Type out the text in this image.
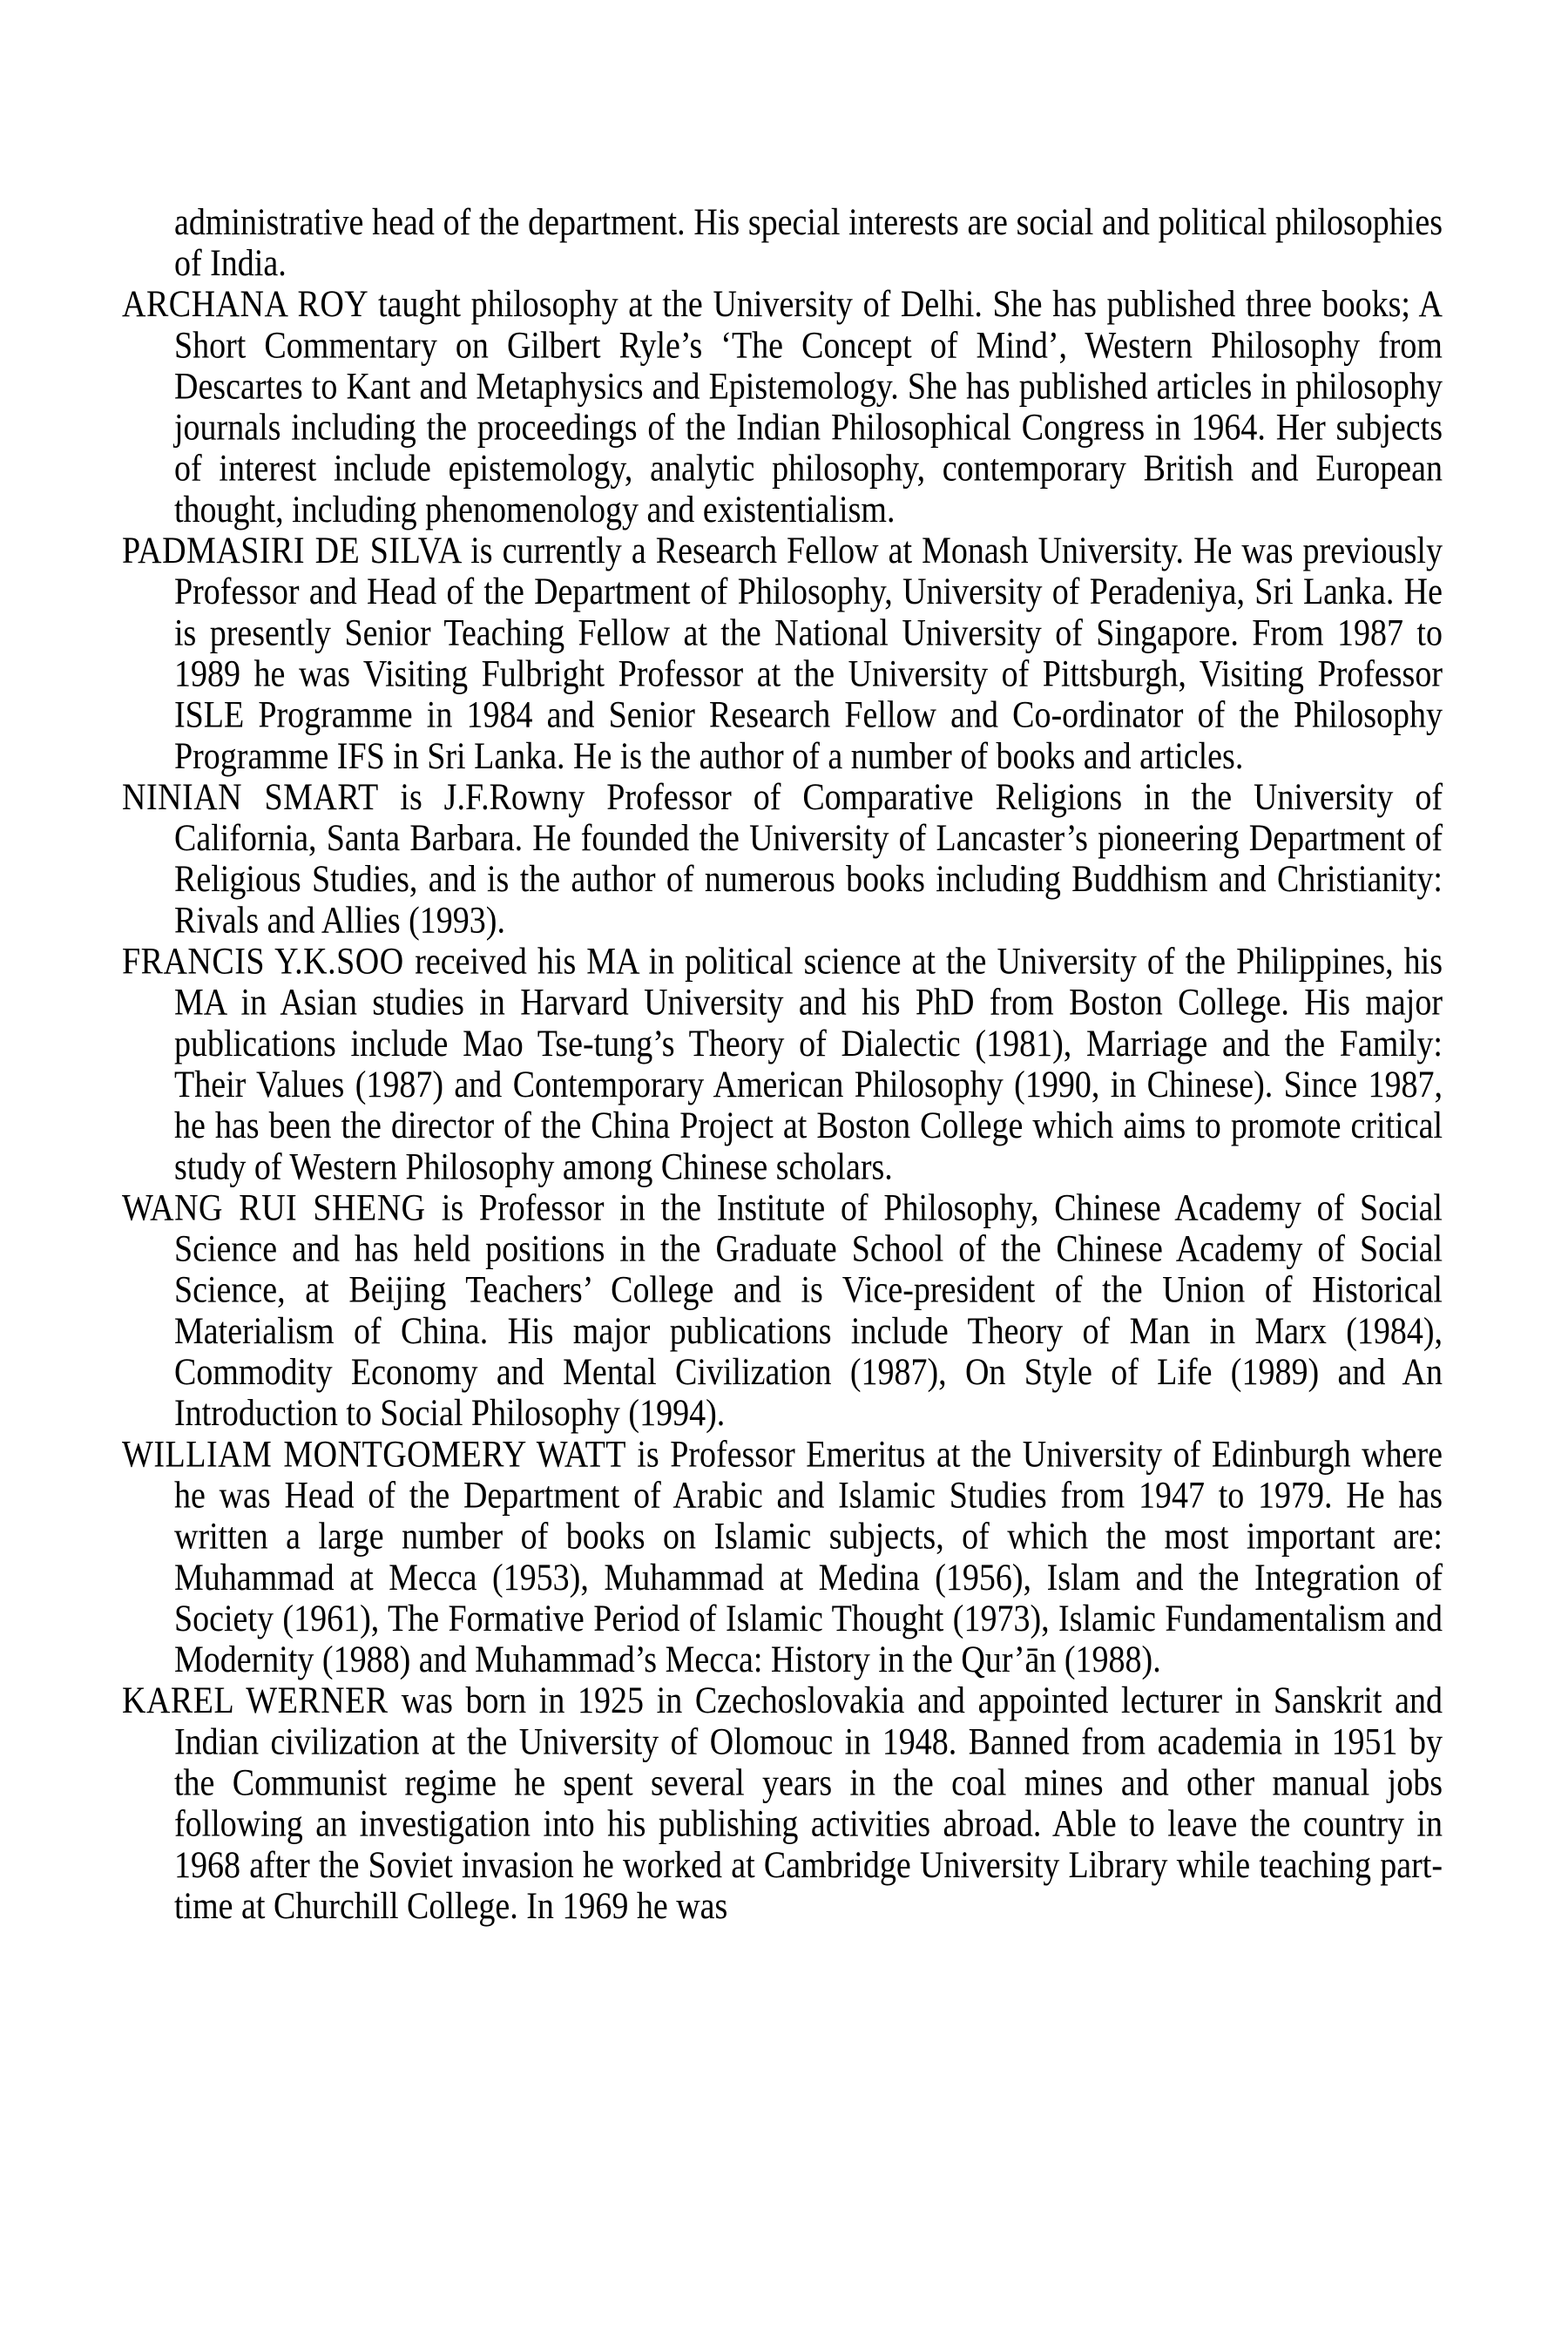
administrative head of the department. His special interests are social and political philosophies of India.

ARCHANA ROY taught philosophy at the University of Delhi. She has published three books; A Short Commentary on Gilbert Ryle’s ‘The Concept of Mind’, Western Philosophy from Descartes to Kant and Metaphysics and Epistemology. She has published articles in philosophy journals including the proceedings of the Indian Philosophical Congress in 1964. Her subjects of interest include epistemology, analytic philosophy, contemporary British and European thought, including phenomenology and existentialism.

PADMASIRI DE SILVA is currently a Research Fellow at Monash University. He was previously Professor and Head of the Department of Philosophy, University of Peradeniya, Sri Lanka. He is presently Senior Teaching Fellow at the National University of Singapore. From 1987 to 1989 he was Visiting Fulbright Professor at the University of Pittsburgh, Visiting Professor ISLE Programme in 1984 and Senior Research Fellow and Co-ordinator of the Philosophy Programme IFS in Sri Lanka. He is the author of a number of books and articles.

NINIAN SMART is J.F.Rowny Professor of Comparative Religions in the University of California, Santa Barbara. He founded the University of Lancaster’s pioneering Department of Religious Studies, and is the author of numerous books including Buddhism and Christianity: Rivals and Allies (1993).

FRANCIS Y.K.SOO received his MA in political science at the University of the Philippines, his MA in Asian studies in Harvard University and his PhD from Boston College. His major publications include Mao Tse-tung’s Theory of Dialectic (1981), Marriage and the Family: Their Values (1987) and Contemporary American Philosophy (1990, in Chinese). Since 1987, he has been the director of the China Project at Boston College which aims to promote critical study of Western Philosophy among Chinese scholars.

WANG RUI SHENG is Professor in the Institute of Philosophy, Chinese Academy of Social Science and has held positions in the Graduate School of the Chinese Academy of Social Science, at Beijing Teachers’ College and is Vice-president of the Union of Historical Materialism of China. His major publications include Theory of Man in Marx (1984), Commodity Economy and Mental Civilization (1987), On Style of Life (1989) and An Introduction to Social Philosophy (1994).

WILLIAM MONTGOMERY WATT is Professor Emeritus at the University of Edinburgh where he was Head of the Department of Arabic and Islamic Studies from 1947 to 1979. He has written a large number of books on Islamic subjects, of which the most important are: Muhammad at Mecca (1953), Muhammad at Medina (1956), Islam and the Integration of Society (1961), The Formative Period of Islamic Thought (1973), Islamic Fundamentalism and Modernity (1988) and Muhammad’s Mecca: History in the Qur’ān (1988).

KAREL WERNER was born in 1925 in Czechoslovakia and appointed lecturer in Sanskrit and Indian civilization at the University of Olomouc in 1948. Banned from academia in 1951 by the Communist regime he spent several years in the coal mines and other manual jobs following an investigation into his publishing activities abroad. Able to leave the country in 1968 after the Soviet invasion he worked at Cambridge University Library while teaching part-time at Churchill College. In 1969 he was
